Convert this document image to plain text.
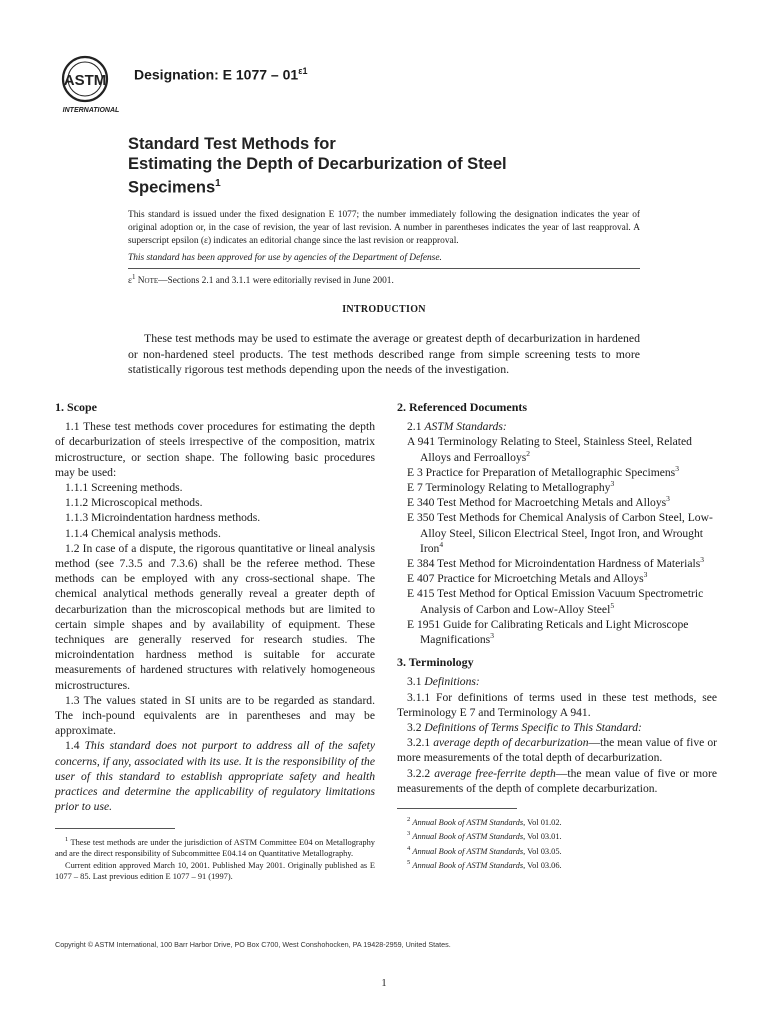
ASTM
INTERNATIONAL
Designation: E $1077 - 01^{\varepsilon 1}$
Standard Test Methods for
Estimating the Depth of Decarburization of Steel
Specimens$^1$
This standard is issued under the fixed designation E 1077; the number immediately following the designation indicates the year of original adoption or, in the case of revision, the year of last revision. A number in parentheses indicates the year of last reapproval. A superscript epsilon (ε) indicates an editorial change since the last revision or reapproval.
This standard has been approved for use by agencies of the Department of Defense.
$\varepsilon^1$ Note—Sections 2.1 and 3.1.1 were editorially revised in June 2001.
INTRODUCTION
These test methods may be used to estimate the average or greatest depth of decarburization in hardened or non-hardened steel products. The test methods described range from simple screening tests to more statistically rigorous test methods depending upon the needs of the investigation.
1. Scope

1.1 These test methods cover procedures for estimating the depth of decarburization of steels irrespective of the composition, matrix microstructure, or section shape. The following basic procedures may be used:

1.1.1 Screening methods.

1.1.2 Microscopical methods.

1.1.3 Microindentation hardness methods.

1.1.4 Chemical analysis methods.

1.2 In case of a dispute, the rigorous quantitative or lineal analysis method (see 7.3.5 and 7.3.6) shall be the referee method. These methods can be employed with any cross-sectional shape. The chemical analytical methods generally reveal a greater depth of decarburization than the microscopical methods but are limited to certain simple shapes and by availability of equipment. These techniques are generally reserved for research studies. The microindentation hardness method is suitable for accurate measurements of hardened structures with relatively homogeneous microstructures.

1.3 The values stated in SI units are to be regarded as standard. The inch-pound equivalents are in parentheses and may be approximate.

1.4 This standard does not purport to address all of the safety concerns, if any, associated with its use. It is the responsibility of the user of this standard to establish appropriate safety and health practices and determine the applicability of regulatory limitations prior to use.

2. Referenced Documents

2.1 ASTM Standards:

A 941 Terminology Relating to Steel, Stainless Steel, Related Alloys and Ferroalloys$^2$

E 3 Practice for Preparation of Metallographic Specimens$^3$

E 7 Terminology Relating to Metallography$^3$

E 340 Test Method for Macroetching Metals and Alloys$^3$

E 350 Test Methods for Chemical Analysis of Carbon Steel, Low-Alloy Steel, Silicon Electrical Steel, Ingot Iron, and Wrought Iron$^4$

E 384 Test Method for Microindentation Hardness of Materials$^3$

E 407 Practice for Microetching Metals and Alloys$^3$

E 415 Test Method for Optical Emission Vacuum Spectrometric Analysis of Carbon and Low-Alloy Steel$^5$

E 1951 Guide for Calibrating Reticals and Light Microscope Magnifications$^3$

3. Terminology

3.1 Definitions:

3.1.1 For definitions of terms used in these test methods, see Terminology E 7 and Terminology A 941.

3.2 Definitions of Terms Specific to This Standard:

3.2.1 average depth of decarburization—the mean value of five or more measurements of the total depth of decarburization.

3.2.2 average free-ferrite depth—the mean value of five or more measurements of the depth of complete decarburization.

$^1$ These test methods are under the jurisdiction of ASTM Committee E04 on Metallography and are the direct responsibility of Subcommittee E04.14 on Quantitative Metallography.

Current edition approved March 10, 2001. Published May 2001. Originally published as E 1077 – 85. Last previous edition E 1077 – 91 (1997).

$^2$ Annual Book of ASTM Standards, Vol 01.02.

$^3$ Annual Book of ASTM Standards, Vol 03.01.

$^4$ Annual Book of ASTM Standards, Vol 03.05.

$^5$ Annual Book of ASTM Standards, Vol 03.06.

Copyright © ASTM International, 100 Barr Harbor Drive, PO Box C700, West Conshohocken, PA 19428-2959, United States.
1
